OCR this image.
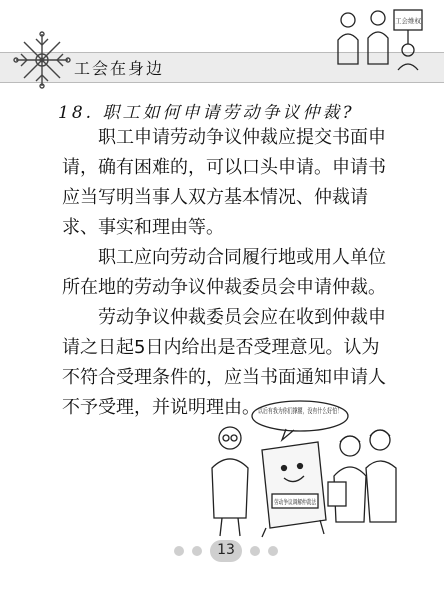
工会在身边
工会维权
18. 职工如何申请劳动争议仲裁?

职工申请劳动争议仲裁应提交书面申请，确有困难的，可以口头申请。申请书应当写明当事人双方基本情况、仲裁请求、事实和理由等。

职工应向劳动合同履行地或用人单位所在地的劳动争议仲裁委员会申请仲裁。

劳动争议仲裁委员会应在收到仲裁申请之日起5日内给出是否受理意见。认为不符合受理条件的，应当书面通知申请人不予受理，并说明理由。

以后有我为你们撑腰，没有什么好怕！
劳动争议调解仲裁法
13
